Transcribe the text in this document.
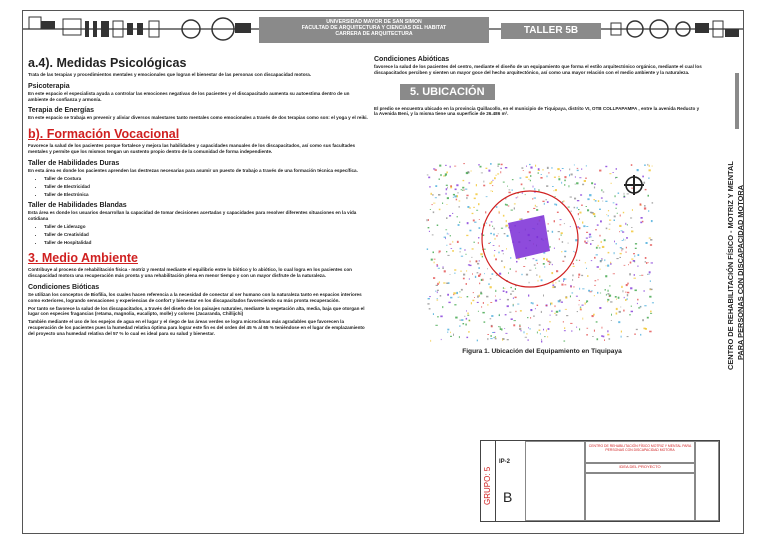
UNIVERSIDAD MAYOR DE SAN SIMON
FACULTAD DE ARQUITECTURA Y CIENCIAS DEL HABITAT
CARRERA DE ARQUITECTURA	TALLER 5B
a.4). Medidas Psicológicas

Trata de las terapias y procedimientos mentales y emocionales que logran el bienestar de las personas con discapacidad motora.

Psicoterapia

En este espacio el especialista ayuda a controlar las emociones negativas de los pacientes y el discapacitado aumenta su autoestima dentro de un ambiente de confianza y armonía.

Terapia de Energías

En este espacio se trabaja en prevenir y aliviar diversos malestares tanto mentales como emocionales a través de dos terapias como son: el yoga y el reiki.

b). Formación Vocacional

Favorece la salud de los pacientes porque fortalece y mejora las habilidades y capacidades manuales de los discapacitados, así como sus facultades mentales y permite que los mismos tengan un sustento propio dentro de la comunidad de forma independiente.

Taller de Habilidades Duras

En esta área es donde los pacientes aprenden las destrezas necesarias para asumir un puesto de trabajo a través de una formación técnica específica.

• Taller de Costura
• Taller de Electricidad
• Taller de Electrónica
Taller de Habilidades Blandas

Esta área es donde los usuarios desarrollan la capacidad de tomar decisiones acertadas y capacidades para resolver diferentes situaciones en la vida cotidiana

• Taller de Liderazgo
• Taller de Creatividad
• Taller de Hospitalidad
3. Medio Ambiente

Contribuye al proceso de rehabilitación física - motriz y mental mediante el equilibrio entre lo biótico y lo abiótico, lo cual logra en los pacientes con discapacidad motora una recuperación más pronta y una rehabilitación plena en menor tiempo y con un mayor disfrute de la naturaleza.

Condiciones Bióticas

Se utilizan los conceptos de Biofilia, los cuales hacen referencia a la necesidad de conectar al ser humano con la naturaleza tanto en espacios interiores como exteriores, logrando sensaciones y experiencias de confort y bienestar en los discapacitados favoreciendo su más pronta recuperación.

Por tanto se favorece la salud de los discapacitados, a través del diseño de los paisajes naturales, mediante la vegetación alta, media, baja que otorgan el lugar con especies fragancias (retama, magnolia, eucalipto, molle) y colores (Jacaranda, Chillijchi)

También mediante el uso de los espejos de agua en el lugar y el riego de las áreas verdes se logra microclimas más agradables que favorecen la recuperación de los pacientes pues la humedad relativa óptima para lograr este fin es del orden del 45 % al 65 % teniéndose en el lugar de emplazamiento del proyecto una humedad relativa del 57 % lo cual es ideal para su salud y bienestar.

Condiciones Abióticas

favorece la salud de los pacientes del centro, mediante el diseño de un equipamiento que forma el estilo arquitectónico orgánico, mediante el cual los discapacitados perciben y sienten un mayor goce del hecho arquitectónico, así como una mayor relación con el medio ambiente y la naturaleza.

5. UBICACIÓN

El predio se encuentra ubicado en la provincia Quillacollo, en el municipio de Tiquipaya, distrito VI, OTB COLLPAPAMPA , entre la avenida Reducto y la Avenida Beni, y la misma tiene una superficie de 26.486 m².

Figura 1. Ubicación del Equipamiento en Tiquipaya	CENTRO DE REHABILITACIÓN FÍSICO - MOTRIZ Y MENTAL PARA PERSONAS CON DISCAPACIDAD MOTORA
GRUPO: 5
IP-2
B
CENTRO DE REHABILITACIÓN FÍSICO MOTRIZ Y MENTAL PARA PERSONAS CON DISCAPACIDAD MOTORA
IDEA DEL PROYECTO
